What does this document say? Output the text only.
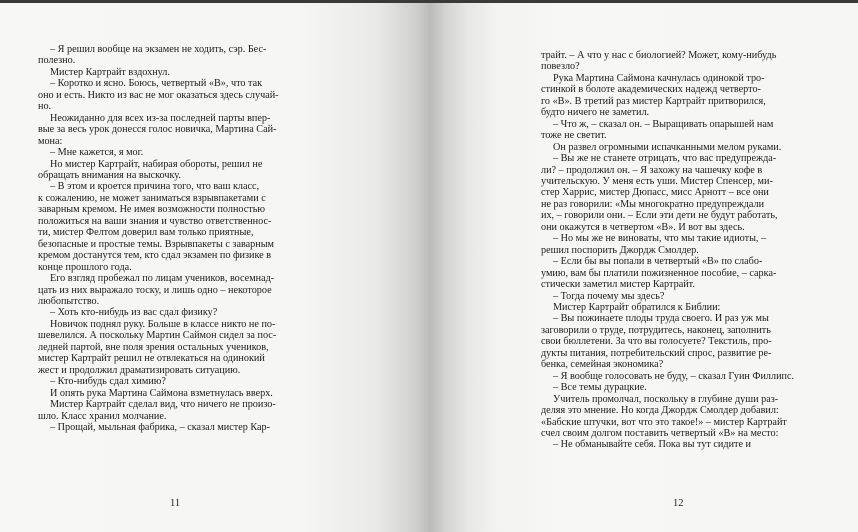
– Я решил вообще на экзамен не ходить, сэр. Бес-

полезно.

Мистер Картрайт вздохнул.

– Коротко и ясно. Боюсь, четвертый «В», что так

оно и есть. Никто из вас не мог оказаться здесь случай-

но.

Неожиданно для всех из-за последней парты впер-

вые за весь урок донесся голос новичка, Мартина Сай-

мона:

– Мне кажется, я мог.

Но мистер Картрайт, набирая обороты, решил не

обращать внимания на выскочку.

– В этом и кроется причина того, что ваш класс,

к сожалению, не может заниматься взрывпакетами с

заварным кремом. Не имея возможности полностью

положиться на ваши знания и чувство ответственнос-

ти, мистер Фелтом доверил вам только приятные,

безопасные и простые темы. Взрывпакеты с заварным

кремом достанутся тем, кто сдал экзамен по физике в

конце прошлого года.

Его взгляд пробежал по лицам учеников, восемнад-

цать из них выражало тоску, и лишь одно – некоторое

любопытство.

– Хоть кто-нибудь из вас сдал физику?

Новичок поднял руку. Больше в классе никто не по-

шевелился. А поскольку Мартин Саймон сидел за пос-

ледней партой, вне поля зрения остальных учеников,

мистер Картрайт решил не отвлекаться на одинокий

жест и продолжил драматизировать ситуацию.

– Кто-нибудь сдал химию?

И опять рука Мартина Саймона взметнулась вверх.

Мистер Картрайт сделал вид, что ничего не произо-

шло. Класс хранил молчание.

– Прощай, мыльная фабрика, – сказал мистер Кар-

11

трайт. – А что у нас с биологией? Может, кому-нибудь

повезло?

Рука Мартина Саймона качнулась одинокой тро-

стинкой в болоте академических надежд четверто-

го «В». В третий раз мистер Картрайт притворился,

будто ничего не заметил.

– Что ж, – сказал он. – Выращивать опарышей нам

тоже не светит.

Он развел огромными испачканными мелом руками.

– Вы же не станете отрицать, что вас предупрежда-

ли? – продолжил он. – Я захожу на чашечку кофе в

учительскую. У меня есть уши. Мистер Спенсер, ми-

стер Харрис, мистер Дюпасс, мисс Арнотт – все они

не раз говорили: «Мы многократно предупреждали

их, – говорили они. – Если эти дети не будут работать,

они окажутся в четвертом «В». И вот вы здесь.

– Но мы же не виноваты, что мы такие идиоты, –

решил поспорить Джордж Смолдер.

– Если бы вы попали в четвертый «В» по слабо-

умию, вам бы платили пожизненное пособие, – сарка-

стически заметил мистер Картрайт.

– Тогда почему мы здесь?

Мистер Картрайт обратился к Библии:

– Вы пожинаете плоды труда своего. И раз уж мы

заговорили о труде, потрудитесь, наконец, заполнить

свои бюллетени. За что вы голосуете? Текстиль, про-

дукты питания, потребительский спрос, развитие ре-

бенка, семейная экономика?

– Я вообще голосовать не буду, – сказал Гуин Филлипс.

– Все темы дурацкие.

Учитель промолчал, поскольку в глубине души раз-

деляя это мнение. Но когда Джордж Смолдер добавил:

«Бабские штучки, вот что это такое!» – мистер Картрайт

счел своим долгом поставить четвертый «В» на место:

– Не обманывайте себя. Пока вы тут сидите и

12
